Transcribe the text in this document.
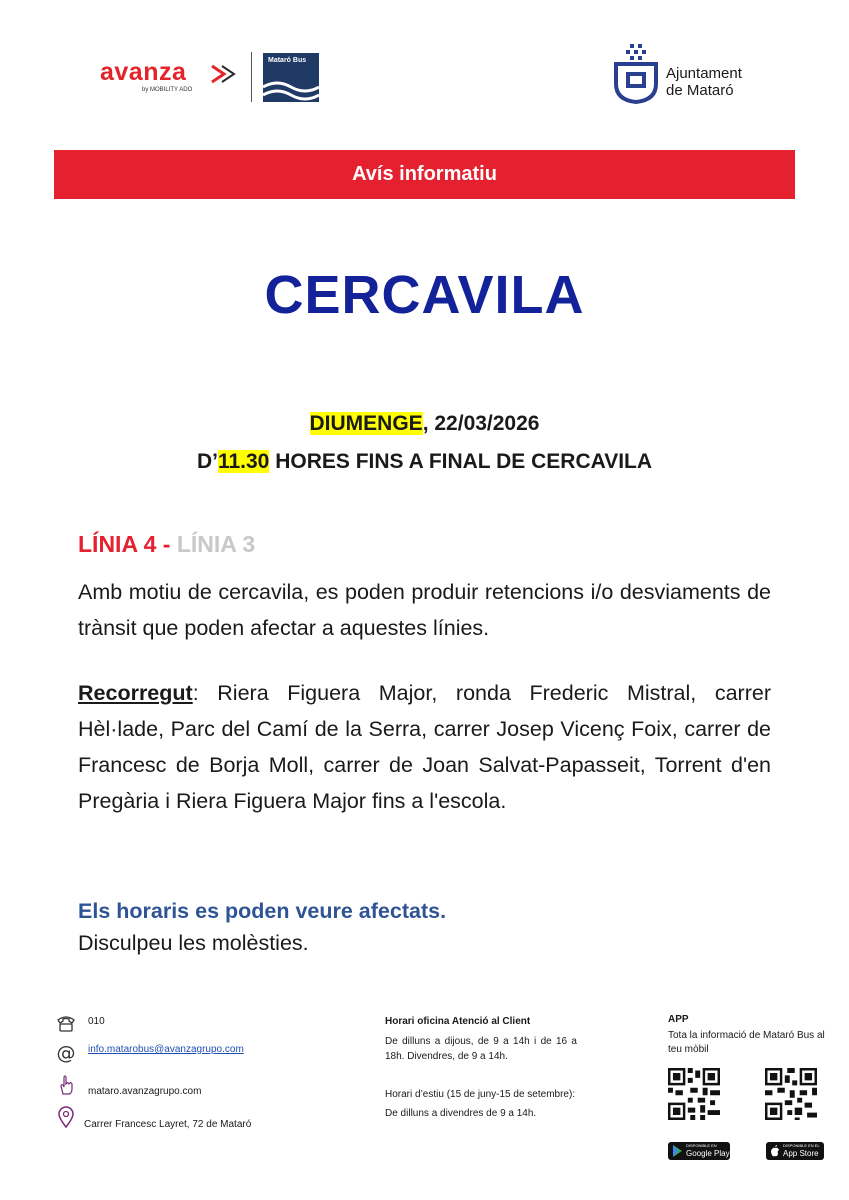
avanza
by MOBILITY ADO
Mataró Bus
Ajuntament
de Mataró
Avís informatiu
CERCAVILA
DIUMENGE, 22/03/2026
D’11.30 HORES FINS A FINAL DE CERCAVILA
LÍNIA 4 - LÍNIA 3
Amb motiu de cercavila, es poden produir retencions i/o desviaments de trànsit que poden afectar a aquestes línies.
Recorregut: Riera Figuera Major, ronda Frederic Mistral, carrer Hèl·lade, Parc del Camí de la Serra, carrer Josep Vicenç Foix, carrer de Francesc de Borja Moll, carrer de Joan Salvat-Papasseit, Torrent d'en Pregària i Riera Figuera Major fins a l'escola.
Els horaris es poden veure afectats.
Disculpeu les molèsties.
010
@ info.matarobus@avanzagrupo.com
mataro.avanzagrupo.com
Carrer Francesc Layret, 72 de Mataró
Horari oficina Atenció al Client
De dilluns a dijous, de 9 a 14h i de 16 a 18h. Divendres, de 9 a 14h.
Horari d’estiu (15 de juny-15 de setembre):
De dilluns a divendres de 9 a 14h.
APP
Tota la informació de Mataró Bus al teu mòbil
DISPONIBLE EN
Google Play
DISPONIBLE EN EL
App Store
